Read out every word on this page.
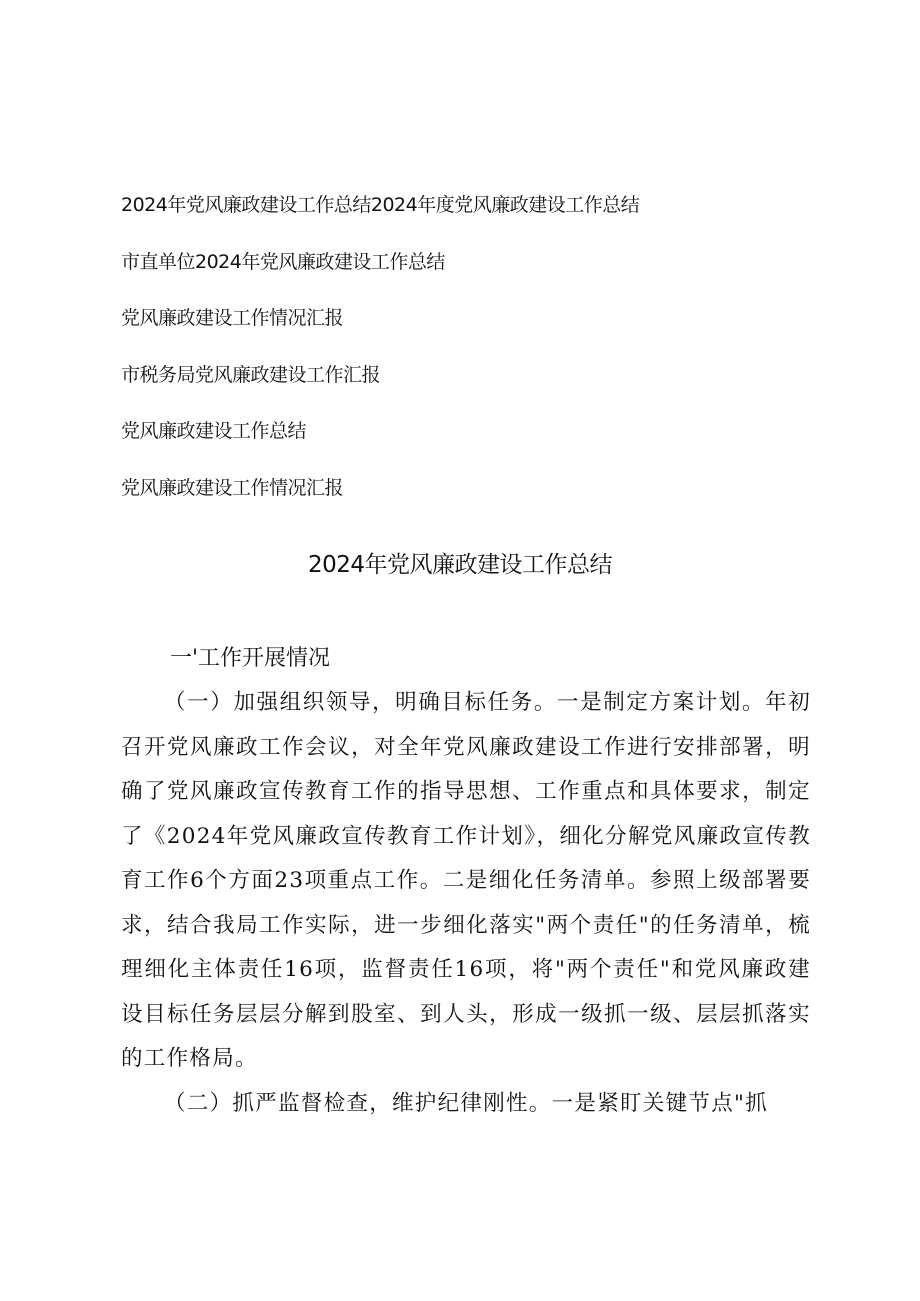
2024年党风廉政建设工作总结2024年度党风廉政建设工作总结
市直单位2024年党风廉政建设工作总结
党风廉政建设工作情况汇报
市税务局党风廉政建设工作汇报
党风廉政建设工作总结
党风廉政建设工作情况汇报
2024年党风廉政建设工作总结
一'工作开展情况

（一）加强组织领导，明确目标任务。一是制定方案计划。年初召开党风廉政工作会议，对全年党风廉政建设工作进行安排部署，明确了党风廉政宣传教育工作的指导思想、工作重点和具体要求，制定了《2024年党风廉政宣传教育工作计划》，细化分解党风廉政宣传教育工作6个方面23项重点工作。二是细化任务清单。参照上级部署要求，结合我局工作实际，进一步细化落实"两个责任"的任务清单，梳理细化主体责任16项，监督责任16项，将"两个责任"和党风廉政建设目标任务层层分解到股室、到人头，形成一级抓一级、层层抓落实的工作格局。

（二）抓严监督检查，维护纪律刚性。一是紧盯关键节点"抓
